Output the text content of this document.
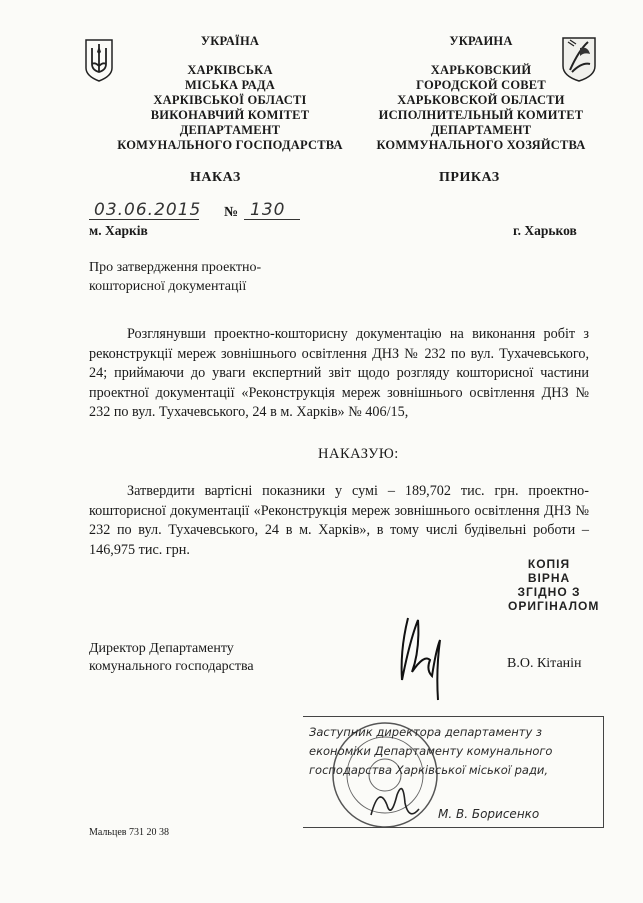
УКРАЇНА
ХАРКІВСЬКА
МІСЬКА РАДА
ХАРКІВСЬКОЇ ОБЛАСТІ
ВИКОНАВЧИЙ КОМІТЕТ
ДЕПАРТАМЕНТ
КОМУНАЛЬНОГО ГОСПОДАРСТВА
УКРАИНА
ХАРЬКОВСКИЙ
ГОРОДСКОЙ СОВЕТ
ХАРЬКОВСКОЙ ОБЛАСТИ
ИСПОЛНИТЕЛЬНЫЙ КОМИТЕТ
ДЕПАРТАМЕНТ
КОММУНАЛЬНОГО ХОЗЯЙСТВА
НАКАЗ	ПРИКАЗ
03.06.2015 № 130
м. Харків	г. Харьков
Про затвердження проектно-
кошторисної документації
Розглянувши проектно-кошторисну документацію на виконання робіт з реконструкції мереж зовнішнього освітлення ДНЗ № 232 по вул. Тухачевського, 24; приймаючи до уваги експертний звіт щодо розгляду кошторисної частини проектної документації «Реконструкція мереж зовнішнього освітлення ДНЗ № 232 по вул. Тухачевського, 24 в м. Харків» № 406/15,
НАКАЗУЮ:
Затвердити вартісні показники у сумі – 189,702 тис. грн. проектно-кошторисної документації «Реконструкція мереж зовнішнього освітлення ДНЗ № 232 по вул. Тухачевського, 24 в м. Харків», в тому числі будівельні роботи – 146,975 тис. грн.
КОПІЯ ВІРНА
ЗГІДНО З
ОРИГІНАЛОМ
Директор Департаменту
комунального господарства	В.О. Кітанін
Заступник директора департаменту з
економіки Департаменту комунального
господарства Харківської міської ради,
М. В. Борисенко
Мальцев 731 20 38
